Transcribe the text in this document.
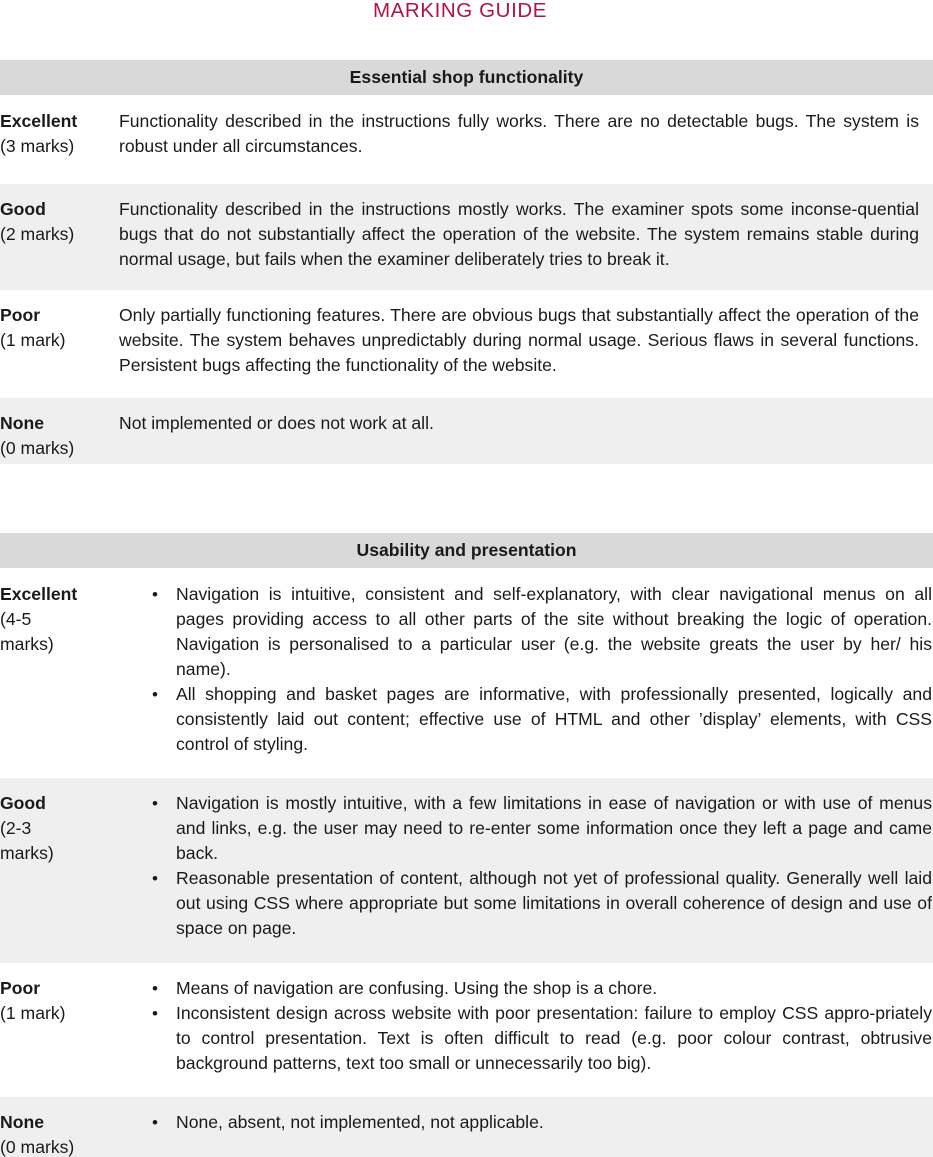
MARKING GUIDE
Essential shop functionality
Excellent
(3 marks)
Functionality described in the instructions fully works. There are no detectable bugs. The system is robust under all circumstances.
Good
(2 marks)
Functionality described in the instructions mostly works. The examiner spots some inconse-quential bugs that do not substantially affect the operation of the website. The system remains stable during normal usage, but fails when the examiner deliberately tries to break it.
Poor
(1 mark)
Only partially functioning features. There are obvious bugs that substantially affect the operation of the website. The system behaves unpredictably during normal usage. Serious flaws in several functions. Persistent bugs affecting the functionality of the website.
None
(0 marks)
Not implemented or does not work at all.
Usability and presentation
Excellent
(4-5 marks)
• Navigation is intuitive, consistent and self-explanatory, with clear navigational menus on all pages providing access to all other parts of the site without breaking the logic of operation. Navigation is personalised to a particular user (e.g. the website greats the user by her/ his name).
• All shopping and basket pages are informative, with professionally presented, logically and consistently laid out content; effective use of HTML and other ’display’ elements, with CSS control of styling.
Good
(2-3 marks)
• Navigation is mostly intuitive, with a few limitations in ease of navigation or with use of menus and links, e.g. the user may need to re-enter some information once they left a page and came back.
• Reasonable presentation of content, although not yet of professional quality. Generally well laid out using CSS where appropriate but some limitations in overall coherence of design and use of space on page.
Poor
(1 mark)
• Means of navigation are confusing. Using the shop is a chore.
• Inconsistent design across website with poor presentation: failure to employ CSS appro-priately to control presentation. Text is often difficult to read (e.g. poor colour contrast, obtrusive background patterns, text too small or unnecessarily too big).
None
(0 marks)
• None, absent, not implemented, not applicable.
